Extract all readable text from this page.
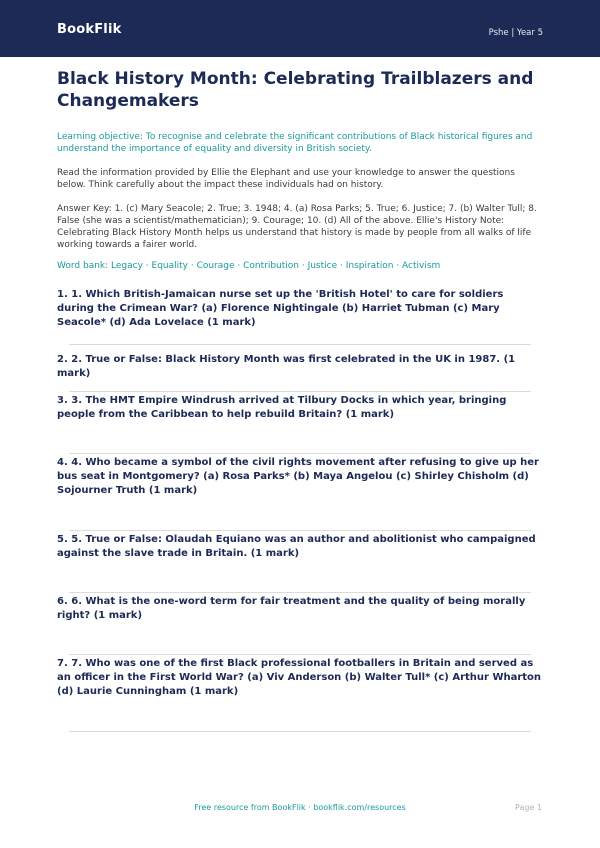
BookFlik	Pshe | Year 5
Black History Month: Celebrating Trailblazers and Changemakers

Learning objective: To recognise and celebrate the significant contributions of Black historical figures and understand the importance of equality and diversity in British society.

Read the information provided by Ellie the Elephant and use your knowledge to answer the questions below. Think carefully about the impact these individuals had on history.

Answer Key: 1. (c) Mary Seacole; 2. True; 3. 1948; 4. (a) Rosa Parks; 5. True; 6. Justice; 7. (b) Walter Tull; 8. False (she was a scientist/mathematician); 9. Courage; 10. (d) All of the above. Ellie's History Note: Celebrating Black History Month helps us understand that history is made by people from all walks of life working towards a fairer world.

Word bank: Legacy · Equality · Courage · Contribution · Justice · Inspiration · Activism

1. 1. Which British-Jamaican nurse set up the 'British Hotel' to care for soldiers during the Crimean War? (a) Florence Nightingale (b) Harriet Tubman (c) Mary Seacole* (d) Ada Lovelace (1 mark)

2. 2. True or False: Black History Month was first celebrated in the UK in 1987. (1 mark)

3. 3. The HMT Empire Windrush arrived at Tilbury Docks in which year, bringing people from the Caribbean to help rebuild Britain? (1 mark)

4. 4. Who became a symbol of the civil rights movement after refusing to give up her bus seat in Montgomery? (a) Rosa Parks* (b) Maya Angelou (c) Shirley Chisholm (d) Sojourner Truth (1 mark)

5. 5. True or False: Olaudah Equiano was an author and abolitionist who campaigned against the slave trade in Britain. (1 mark)

6. 6. What is the one-word term for fair treatment and the quality of being morally right? (1 mark)

7. 7. Who was one of the first Black professional footballers in Britain and served as an officer in the First World War? (a) Viv Anderson (b) Walter Tull* (c) Arthur Wharton (d) Laurie Cunningham (1 mark)

Free resource from BookFlik · bookflik.com/resources	Page 1
